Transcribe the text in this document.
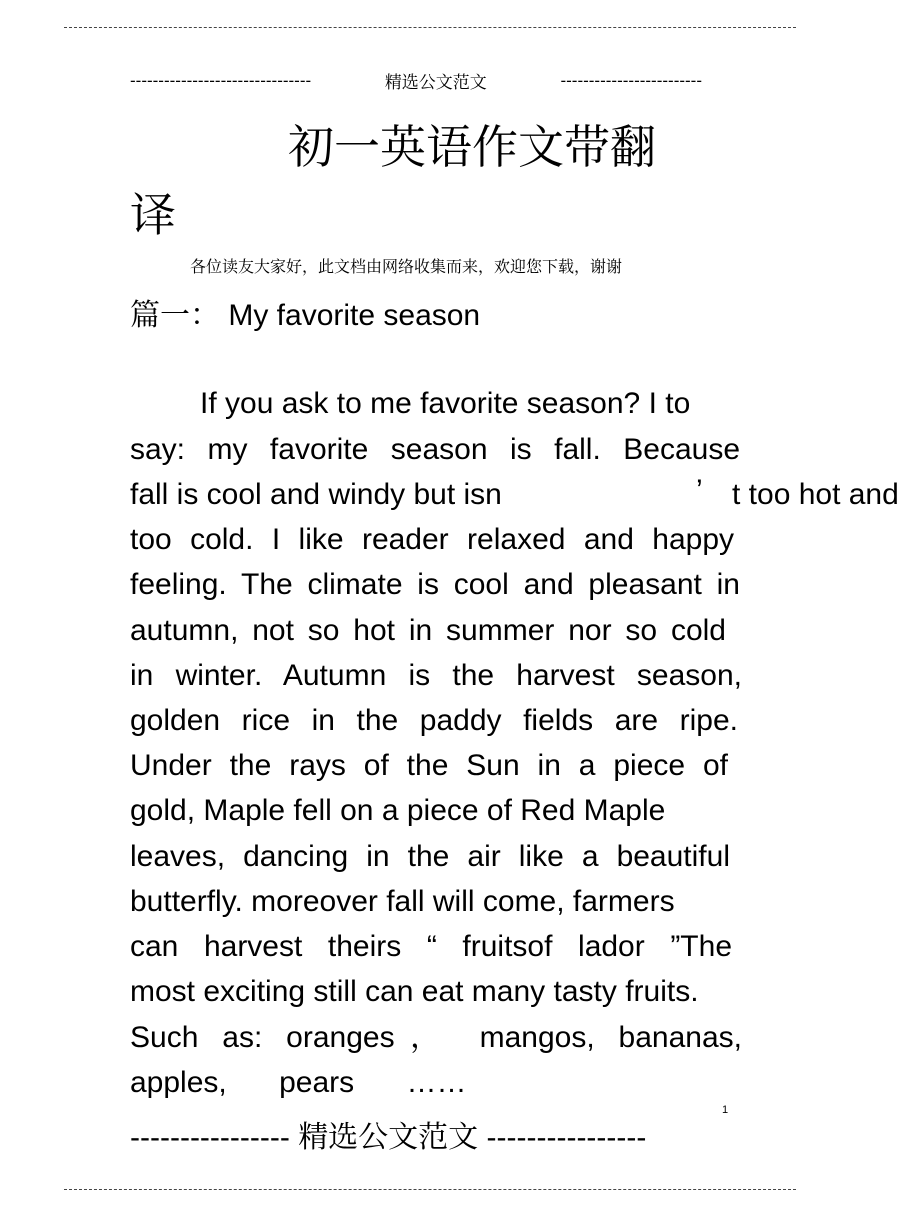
--------------------------------	精选公文范文	-------------------------
初一英语作文带翻
译
各位读友大家好，此文档由网络收集而来，欢迎您下载，谢谢
篇一： My favorite season
If you ask to me favorite season? I to
say: my favorite season is fall. Because
fall is cool and windy but isn	’ t too hot and
too cold. I like reader relaxed and happy
feeling. The climate is cool and pleasant in
autumn, not so hot in summer nor so cold
in winter. Autumn is the harvest season,
golden rice in the paddy fields are ripe.
Under the rays of the Sun in a piece of
gold, Maple fell on a piece of Red Maple
leaves, dancing in the air like a beautiful
butterfly. moreover fall will come, farmers
can harvest theirs “ fruitsof lador ”The
most exciting still can eat many tasty fruits.
Such as: oranges， mangos, bananas,
apples, pears ……
1
---------------- 精选公文范文 ----------------
